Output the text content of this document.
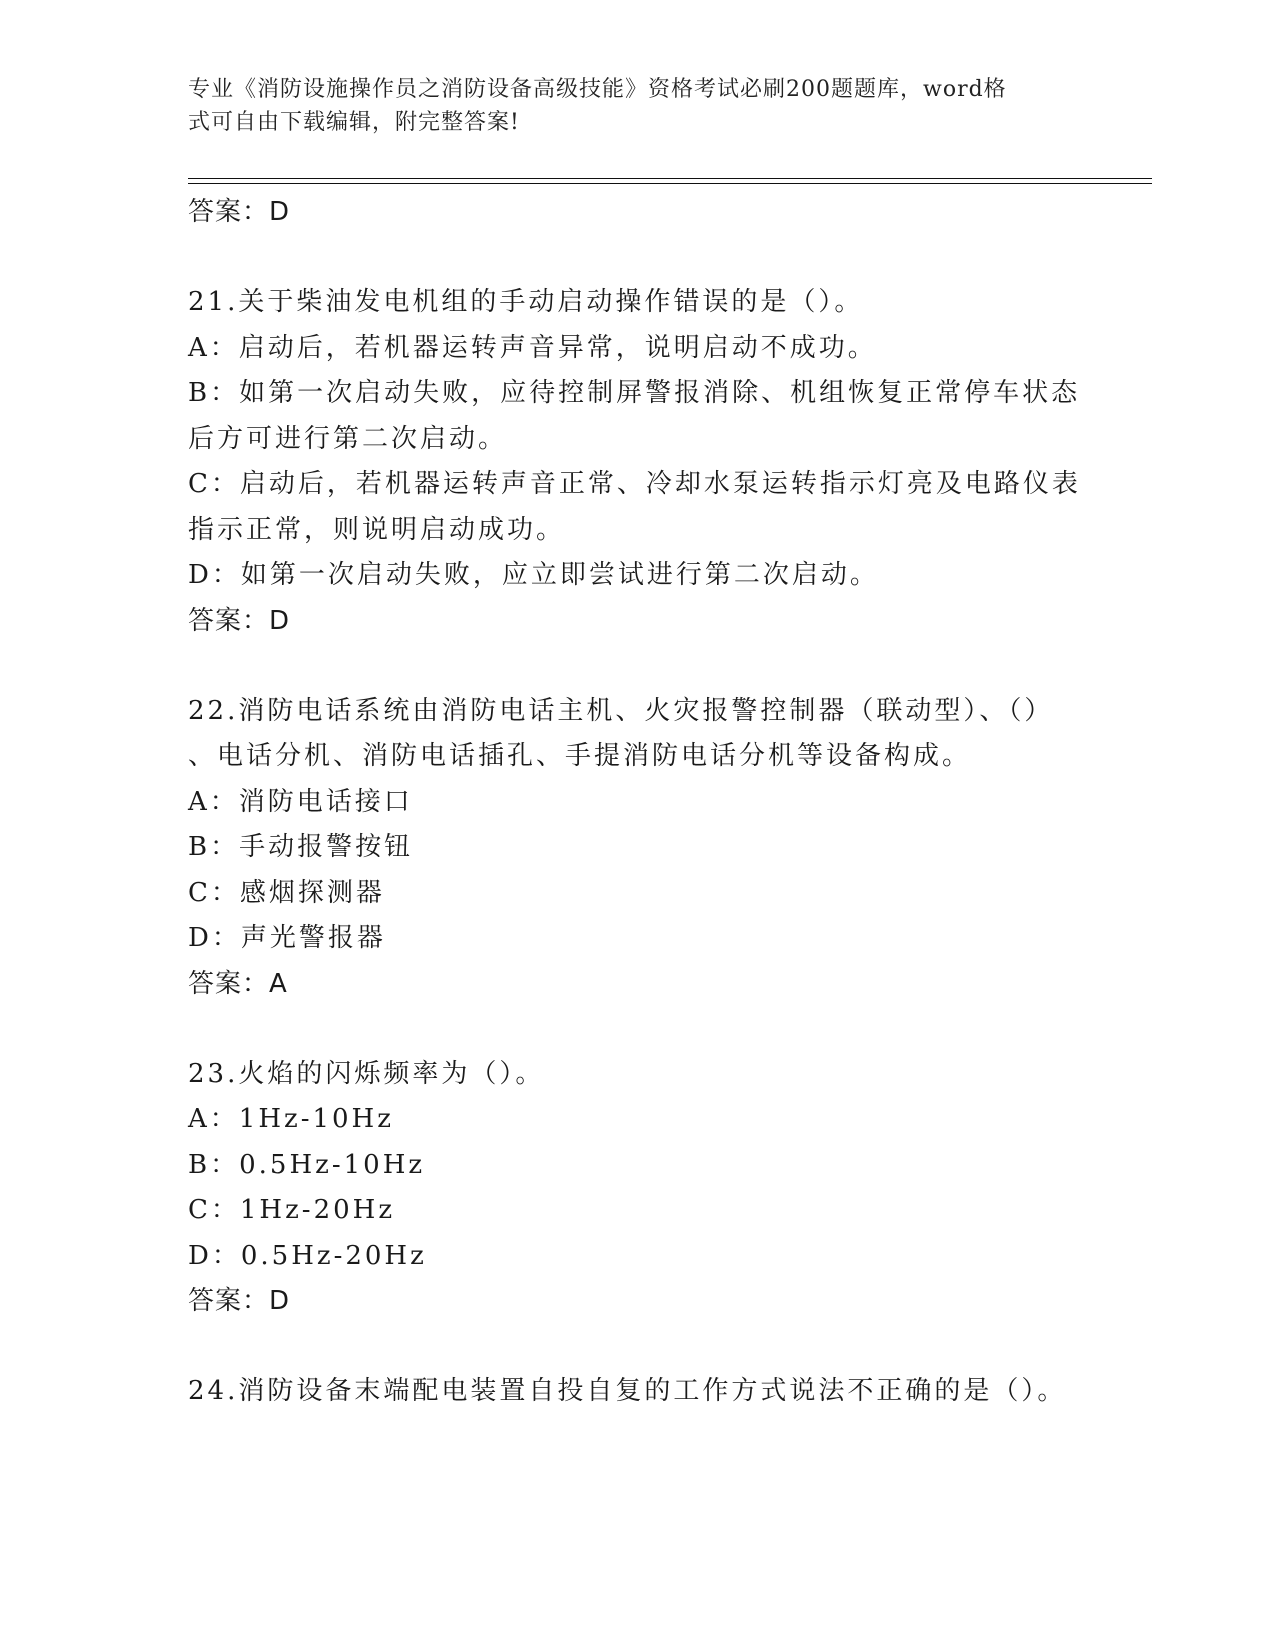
专业《消防设施操作员之消防设备高级技能》资格考试必刷200题题库，word格
式可自由下载编辑，附完整答案!
答案：D
21.关于柴油发电机组的手动启动操作错误的是（）。
A：启动后，若机器运转声音异常，说明启动不成功。
B：如第一次启动失败，应待控制屏警报消除、机组恢复正常停车状态
后方可进行第二次启动。
C：启动后，若机器运转声音正常、冷却水泵运转指示灯亮及电路仪表
指示正常，则说明启动成功。
D：如第一次启动失败，应立即尝试进行第二次启动。
答案：D
22.消防电话系统由消防电话主机、火灾报警控制器（联动型）、（）
、电话分机、消防电话插孔、手提消防电话分机等设备构成。
A：消防电话接口
B：手动报警按钮
C：感烟探测器
D：声光警报器
答案：A
23.火焰的闪烁频率为（）。
A：1Hz-10Hz
B：0.5Hz-10Hz
C：1Hz-20Hz
D：0.5Hz-20Hz
答案：D
24.消防设备末端配电装置自投自复的工作方式说法不正确的是（）。
